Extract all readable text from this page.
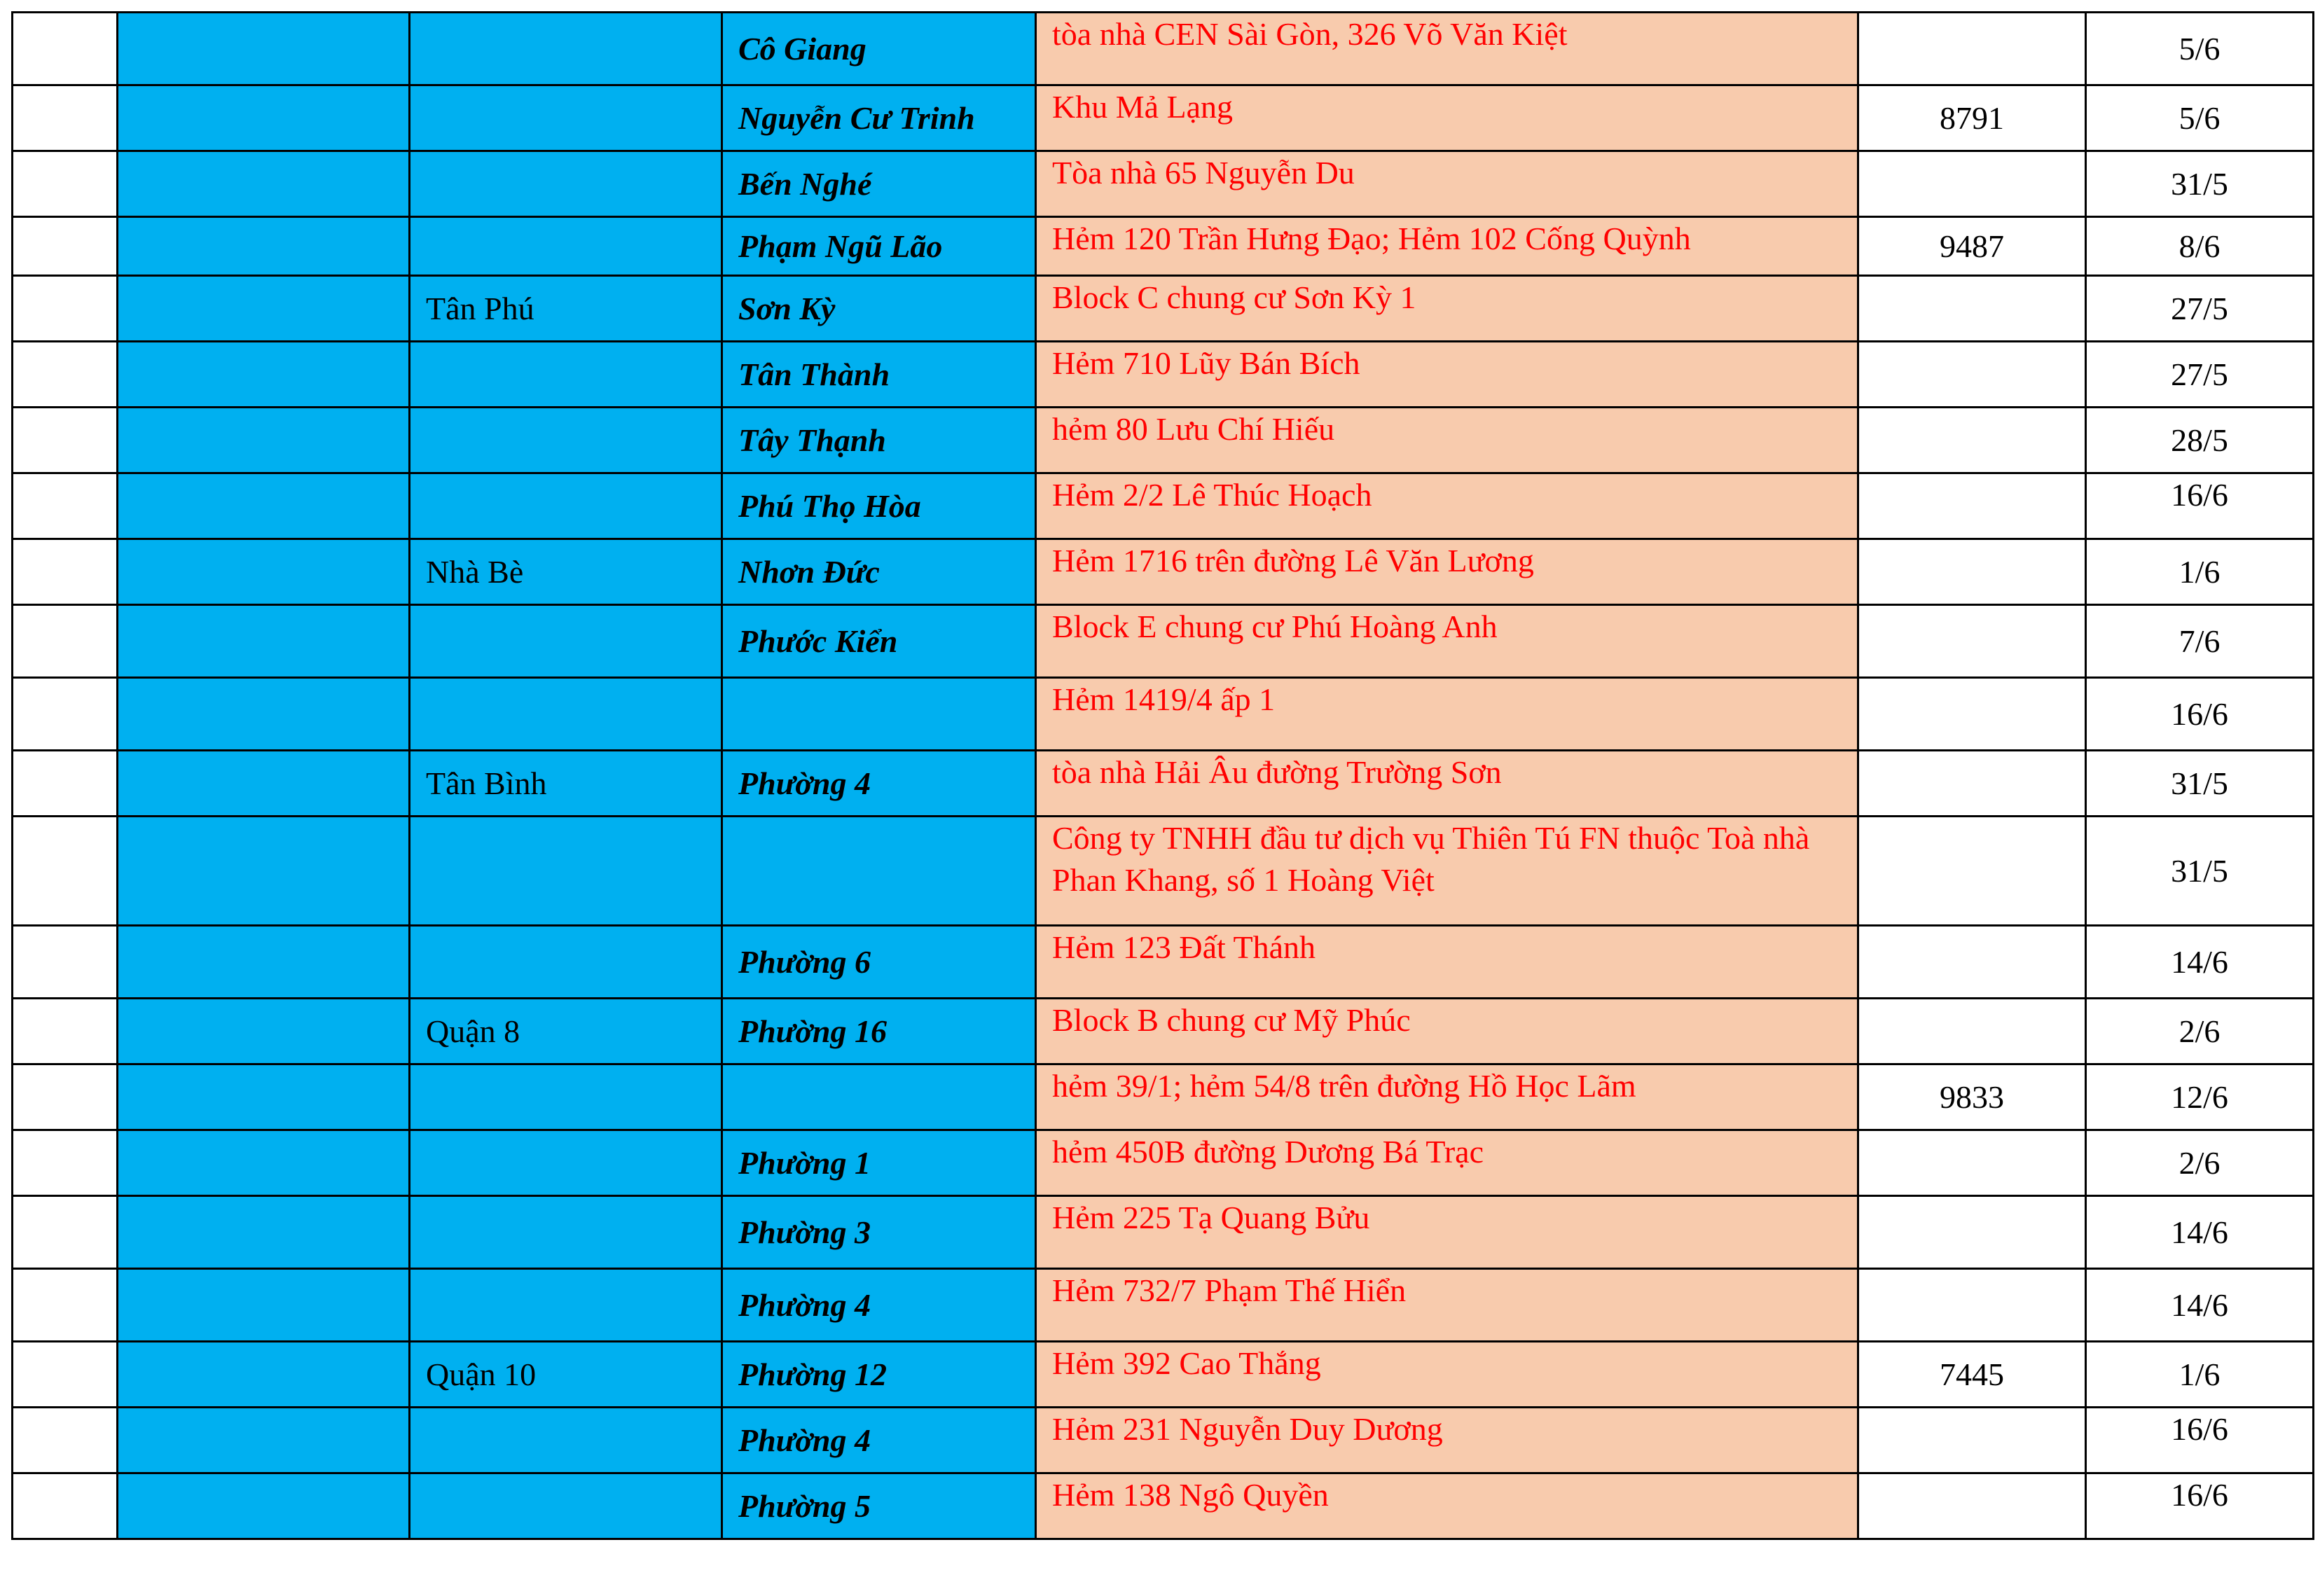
			Cô Giang	tòa nhà CEN Sài Gòn, 326 Võ Văn Kiệt		5/6
			Nguyễn Cư Trinh	Khu Mả Lạng	8791	5/6
			Bến Nghé	Tòa nhà 65 Nguyễn Du		31/5
			Phạm Ngũ Lão	Hẻm 120 Trần Hưng Đạo; Hẻm 102 Cống Quỳnh	9487	8/6
		Tân Phú	Sơn Kỳ	Block C chung cư Sơn Kỳ 1		27/5
			Tân Thành	Hẻm 710 Lũy Bán Bích		27/5
			Tây Thạnh	hẻm 80 Lưu Chí Hiếu		28/5
			Phú Thọ Hòa	Hẻm 2/2 Lê Thúc Hoạch		16/6
		Nhà Bè	Nhơn Đức	Hẻm 1716 trên đường Lê Văn Lương		1/6
			Phước Kiển	Block E chung cư Phú Hoàng Anh		7/6
				Hẻm 1419/4 ấp 1		16/6
		Tân Bình	Phường 4	tòa nhà Hải Âu đường Trường Sơn		31/5
				Công ty TNHH đầu tư dịch vụ Thiên Tú FN thuộc Toà nhà Phan Khang, số 1 Hoàng Việt		31/5
			Phường 6	Hẻm 123 Đất Thánh		14/6
		Quận 8	Phường 16	Block B chung cư Mỹ Phúc		2/6
				hẻm 39/1; hẻm 54/8 trên đường Hồ Học Lãm	9833	12/6
			Phường 1	hẻm 450B đường Dương Bá Trạc		2/6
			Phường 3	Hẻm 225 Tạ Quang Bửu		14/6
			Phường 4	Hẻm 732/7 Phạm Thế Hiển		14/6
		Quận 10	Phường 12	Hẻm 392 Cao Thắng	7445	1/6
			Phường 4	Hẻm 231 Nguyễn Duy Dương		16/6
			Phường 5	Hẻm 138 Ngô Quyền		16/6
